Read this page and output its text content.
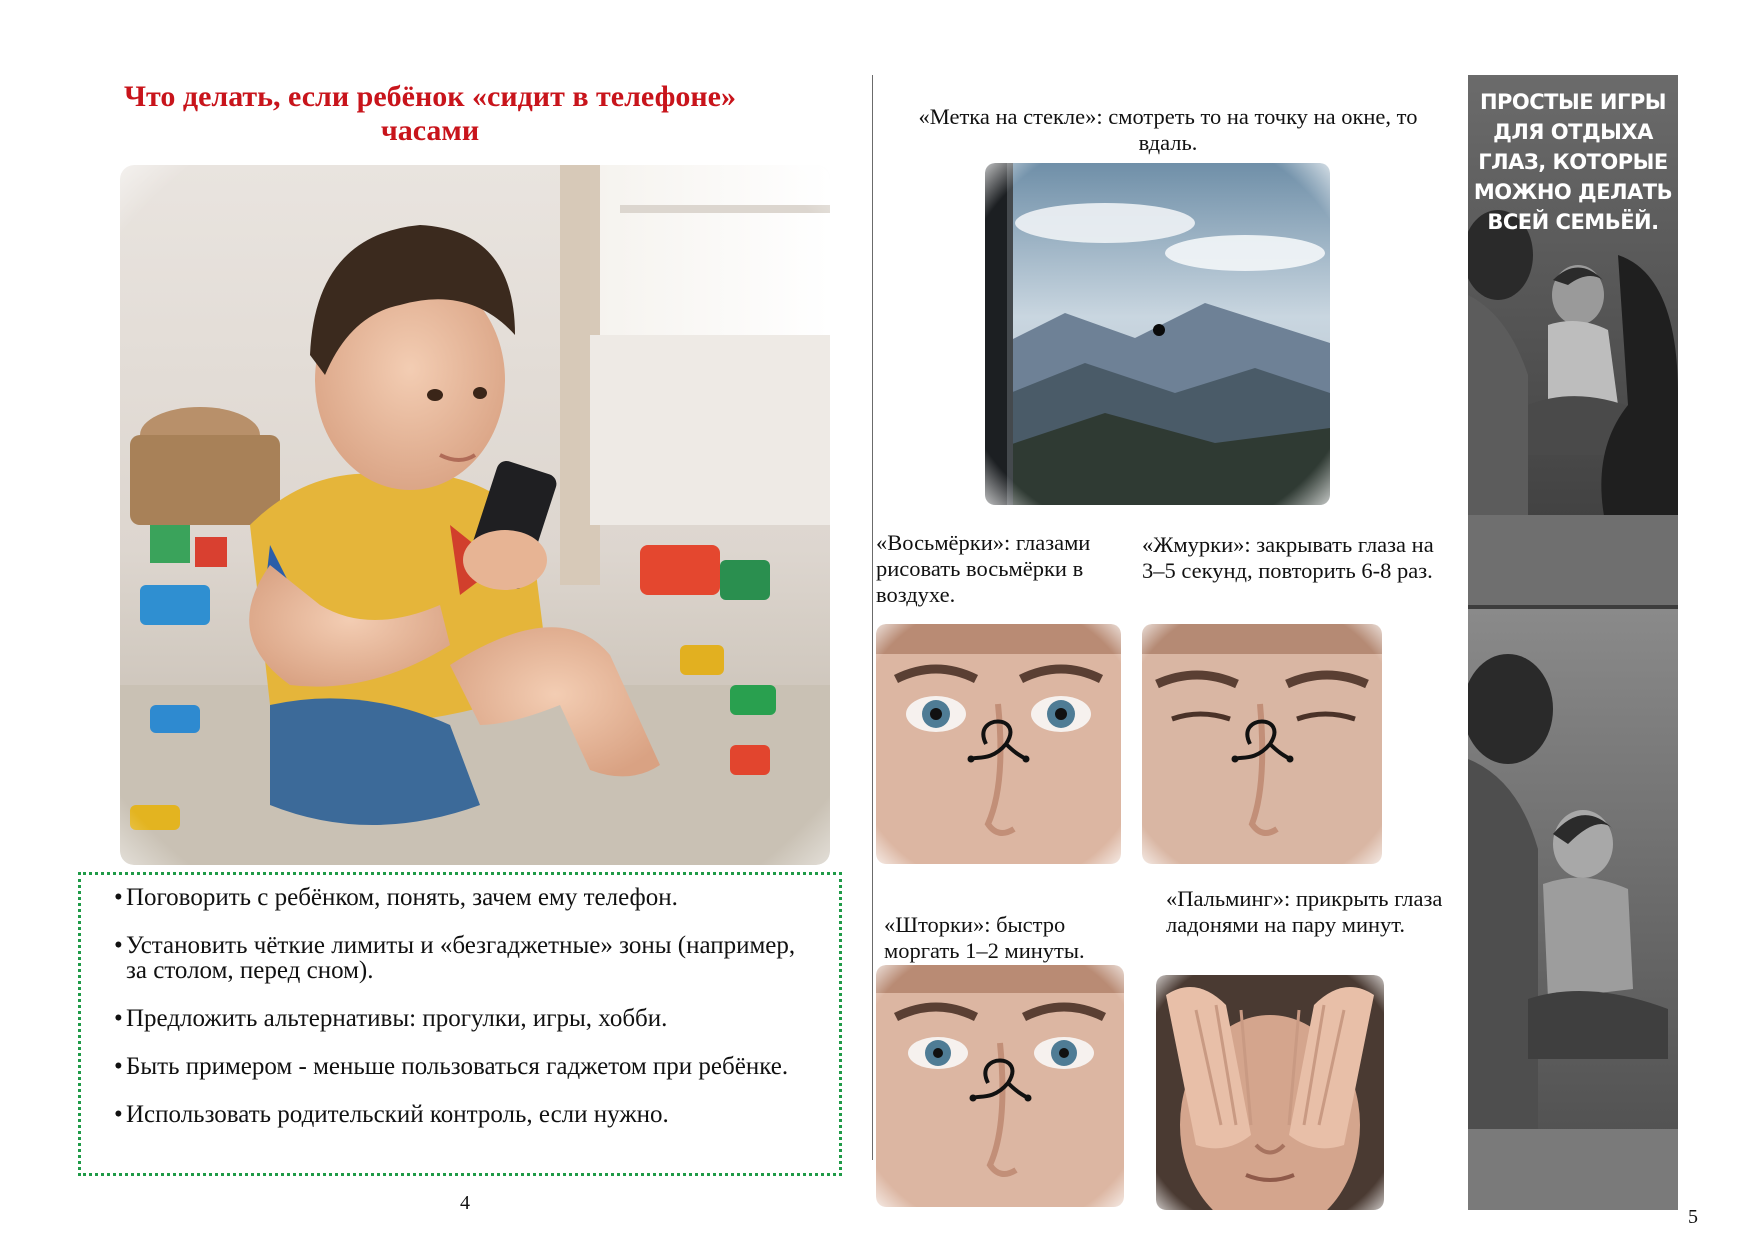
Что делать, если ребёнок «сидит в телефоне»
часами
• Поговорить с ребёнком, понять, зачем ему телефон.
• Установить чёткие лимиты и «безгаджетные» зоны (например, за столом, перед сном).
• Предложить альтернативы: прогулки, игры, хобби.
• Быть примером - меньше пользоваться гаджетом при ребёнке.
• Использовать родительский контроль, если нужно.
4
«Метка на стекле»: смотреть то на точку на окне, то вдаль.
«Восьмёрки»: глазами рисовать восьмёрки в воздухе.
«Жмурки»: закрывать глаза на 3–5 секунд, повторить 6-8 раз.
«Шторки»: быстро моргать 1–2 минуты.
«Пальминг»: прикрыть глаза ладонями на пару минут.
ПРОСТЫЕ ИГРЫ ДЛЯ ОТДЫХА ГЛАЗ, КОТОРЫЕ МОЖНО ДЕЛАТЬ ВСЕЙ СЕМЬЁЙ.
5
